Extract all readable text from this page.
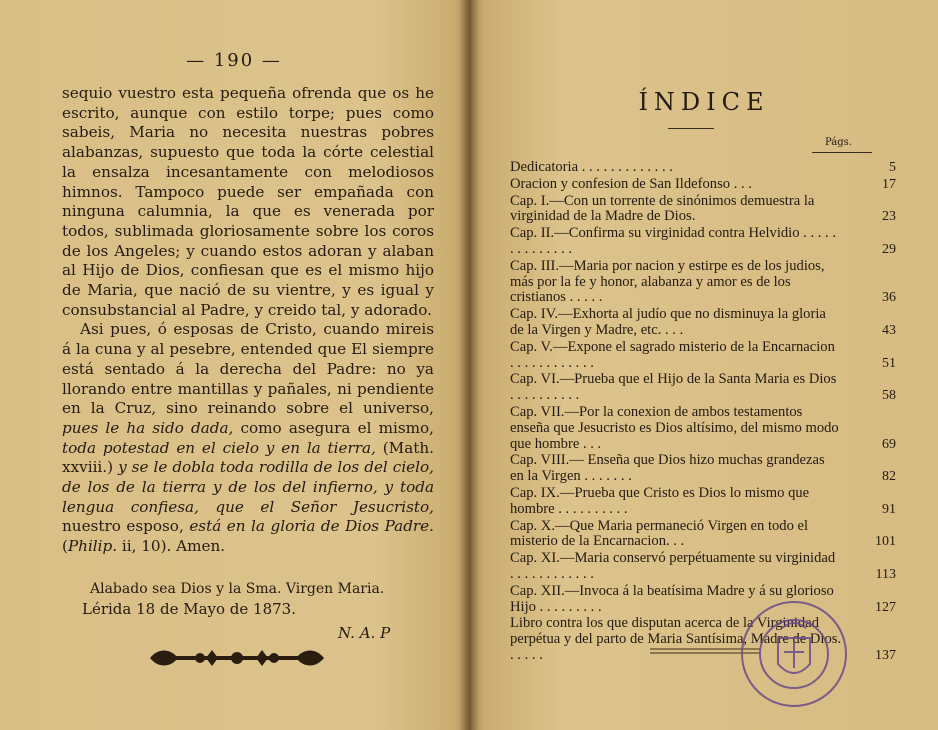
— 190 —

sequio vuestro esta pequeña ofrenda que os he escrito, aunque con estilo torpe; pues como sabeis, Maria no necesita nuestras pobres alabanzas, supuesto que toda la córte celestial la ensalza incesantamente con melodiosos himnos. Tampoco puede ser empañada con ninguna calumnia, la que es venerada por todos, sublimada gloriosamente sobre los coros de los Angeles; y cuando estos adoran y alaban al Hijo de Dios, confiesan que es el mismo hijo de Maria, que nació de su vientre, y es igual y consubstancial al Padre, y creido tal, y adorado.

Asi pues, ó esposas de Cristo, cuando mireis á la cuna y al pesebre, entended que El siempre está sentado á la derecha del Padre: no ya llorando entre mantillas y pañales, ni pendiente en la Cruz, sino reinando sobre el universo, pues le ha sido dada, como asegura el mismo, toda potestad en el cielo y en la tierra, (Math. xxviii.) y se le dobla toda rodilla de los del cielo, de los de la tierra y de los del infierno, y toda lengua confiesa, que el Señor Jesucristo, nuestro esposo, está en la gloria de Dios Padre. (Philip. ii, 10). Amen.

Alabado sea Dios y la Sma. Virgen Maria.
Lérida 18 de Mayo de 1873.
N. A. P
ÍNDICE
Págs.
Dedicatoria . . . . . . . . . . . . .	5
Oracion y confesion de San Ildefonso . . .	17
Cap. I.—Con un torrente de sinónimos demuestra la virginidad de la Madre de Dios.	23
Cap. II.—Confirma su virginidad contra Helvidio . . . . . . . . . . . . . .	29
Cap. III.—Maria por nacion y estirpe es de los judios, más por la fe y honor, alabanza y amor es de los cristianos . . . . .	36
Cap. IV.—Exhorta al judío que no disminuya la gloria de la Virgen y Madre, etc. . . .	43
Cap. V.—Expone el sagrado misterio de la Encarnacion . . . . . . . . . . . .	51
Cap. VI.—Prueba que el Hijo de la Santa Maria es Dios . . . . . . . . . .	58
Cap. VII.—Por la conexion de ambos testamentos enseña que Jesucristo es Dios altísimo, del mismo modo que hombre . . .	69
Cap. VIII.— Enseña que Dios hizo muchas grandezas en la Virgen . . . . . . .	82
Cap. IX.—Prueba que Cristo es Dios lo mismo que hombre . . . . . . . . . .	91
Cap. X.—Que Maria permaneció Virgen en todo el misterio de la Encarnacion. . .	101
Cap. XI.—Maria conservó perpétuamente su virginidad . . . . . . . . . . . .	113
Cap. XII.—Invoca á la beatísima Madre y á su glorioso Hijo . . . . . . . . .	127
Libro contra los que disputan acerca de la Virginidad perpétua y del parto de Maria Santísima, Madre de Dios. . . . . .	137
